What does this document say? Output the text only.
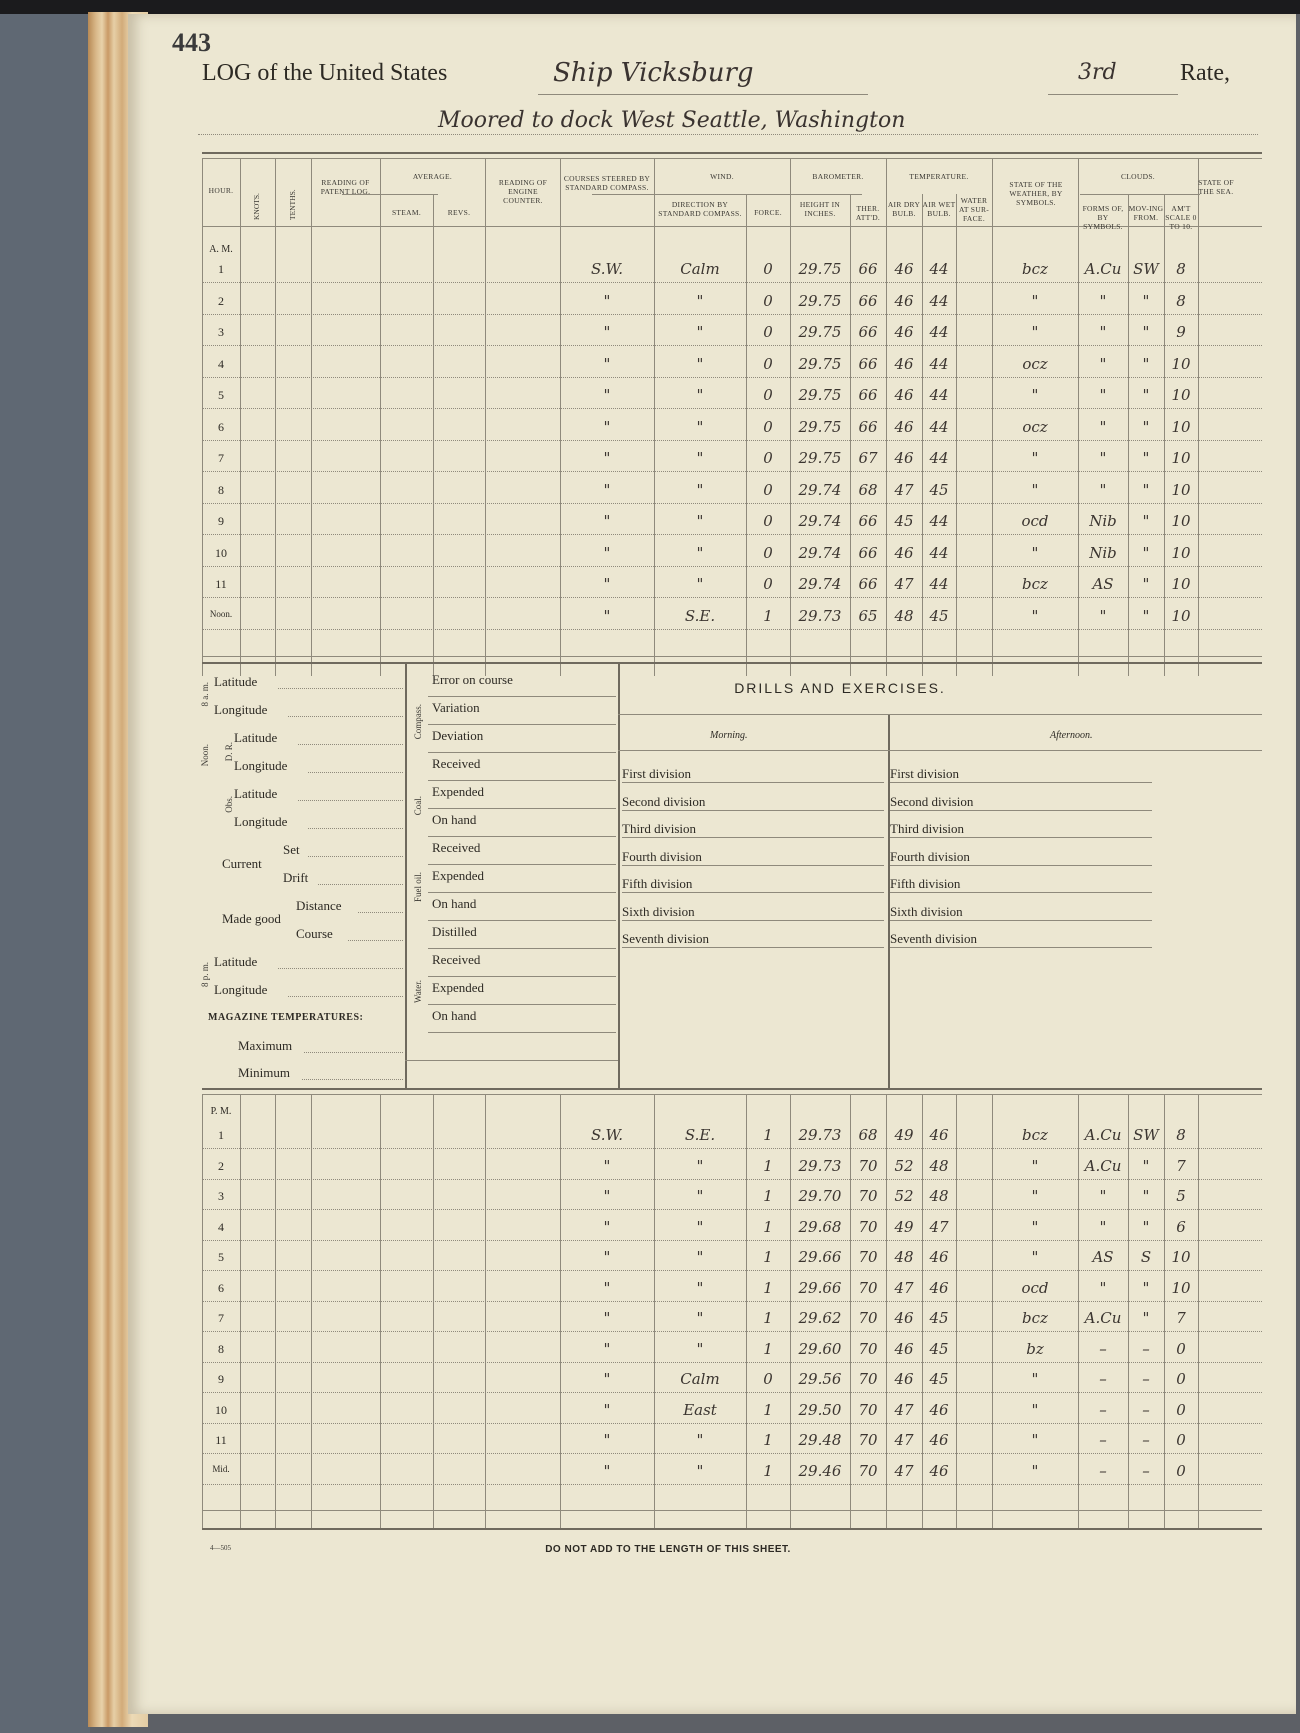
443
LOG of the United States	Ship Vicksburg	3rd	Rate,
Moored to dock West Seattle, Washington
HOUR.
KNOTS.	TENTHS.
READING OF PATENT LOG.
AVERAGE.
STEAM.	REVS.
READING OF ENGINE COUNTER.
COURSES STEERED BY STANDARD COMPASS.
WIND.
DIRECTION BY STANDARD COMPASS.	FORCE.
BAROMETER.
HEIGHT IN INCHES.
THER. ATT'D.
TEMPERATURE.
AIR DRY BULB.
AIR WET BULB.
WATER AT SUR-FACE.
STATE OF THE WEATHER, BY SYMBOLS.
CLOUDS.
FORMS OF, BY SYMBOLS.
MOV-ING FROM.
AM'T SCALE 0 TO 10.
STATE OF THE SEA.
A. M.
1	S.W.	Calm	0	29.75	66	46	44	bcz	A.Cu SW	8
2	"	"	0	29.75	66	46	44	"	"	"	8
3	"	"	0	29.75	66	46	44	"	"	"	9
4	"	"	0	29.75	66	46	44	ocz	"	"	10
5	"	"	0	29.75	66	46	44	"	"	"	10
6	"	"	0	29.75	66	46	44	ocz	"	"	10
7	"	"	0	29.75	67	46	44	"	"	"	10
8	"	"	0	29.74	68	47	45	"	"	"	10
9	"	"	0	29.74	66	45	44	ocd	Nib	"	10
10	"	"	0	29.74	66	46	44	"	Nib	"	10
11	"	"	0	29.74	66	47	44	bcz	AS	"	10
Noon.	"	S.E.	1	29.73	65	48	45	"	"	"	10
8 a. m.
Latitude
Longitude
Noon. D. R.
Latitude
Longitude
Obs.
Latitude
Longitude
Current
Set
Drift
Made good
Distance
Course
8 p. m.
Latitude
Longitude
MAGAZINE TEMPERATURES:
Maximum
Minimum
Compass.
Error on course
Variation
Deviation
Coal.
Received
Expended
On hand
Fuel oil.
Received
Expended
On hand
Water.
Distilled
Received
Expended
On hand
DRILLS AND EXERCISES.
Morning.	Afternoon.
First division	First division
Second division	Second division
Third division	Third division
Fourth division	Fourth division
Fifth division	Fifth division
Sixth division	Sixth division
Seventh division	Seventh division
P. M.
1	S.W.	S.E.	1	29.73	68	49	46	bcz	A.Cu SW	8
2	"	"	1	29.73	70	52	48	"	A.Cu	"	7
3	"	"	1	29.70	70	52	48	"	"	"	5
4	"	"	1	29.68	70	49	47	"	"	"	6
5	"	"	1	29.66	70	48	46	"	AS	S	10
6	"	"	1	29.66	70	47	46	ocd	"	"	10
7	"	"	1	29.62	70	46	45	bcz	A.Cu	"	7
8	"	"	1	29.60	70	46	45	bz	–	–	0
9	"	Calm	0	29.56	70	46	45	"	–	–	0
10	"	East	1	29.50	70	47	46	"	–	–	0
11	"	"	1	29.48	70	47	46	"	–	–	0
Mid.	"	"	1	29.46	70	47	46	"	–	–	0
4—505	DO NOT ADD TO THE LENGTH OF THIS SHEET.
